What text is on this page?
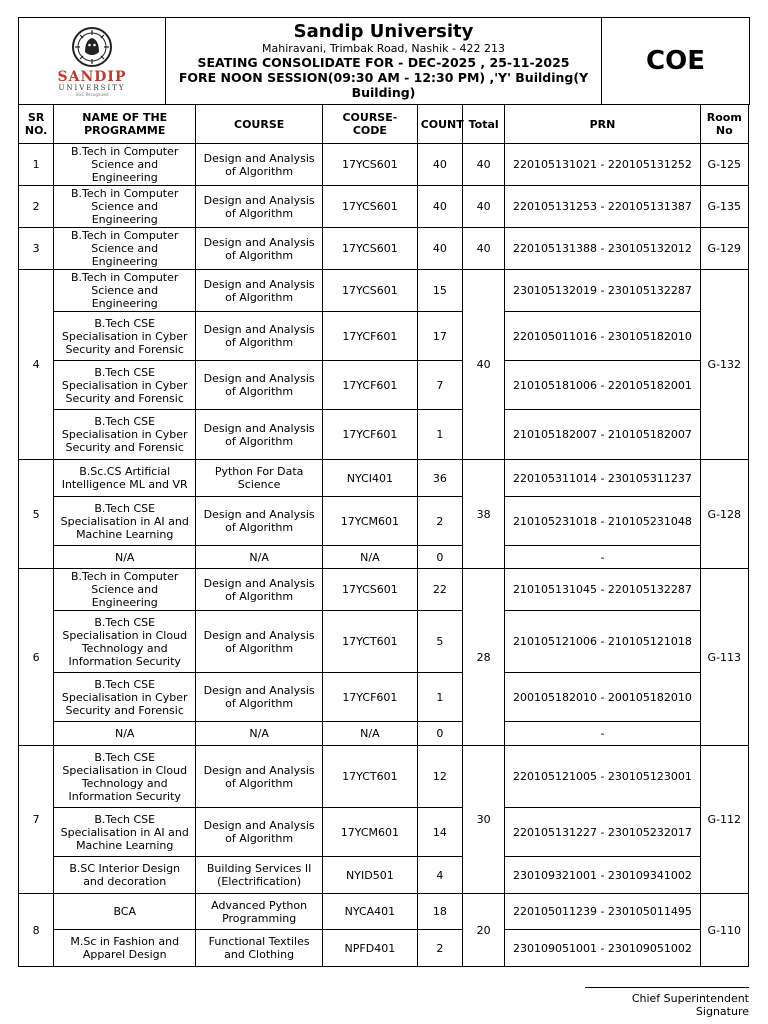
SANDIP
UNIVERSITY
UGC Recognized

Sandip University
Mahiravani, Trimbak Road, Nashik - 422 213
SEATING CONSOLIDATE FOR - DEC-2025 , 25-11-2025
FORE NOON SESSION(09:30 AM - 12:30 PM) ,'Y' Building(Y Building)

COE
SR NO.	NAME OF THE PROGRAMME	COURSE	COURSE-CODE	COUNT	Total	PRN	Room No
1	B.Tech in Computer Science and Engineering	Design and Analysis of Algorithm	17YCS601	40	40	220105131021 - 220105131252	G-125
2	B.Tech in Computer Science and Engineering	Design and Analysis of Algorithm	17YCS601	40	40	220105131253 - 220105131387	G-135
3	B.Tech in Computer Science and Engineering	Design and Analysis of Algorithm	17YCS601	40	40	220105131388 - 230105132012	G-129
4	B.Tech in Computer Science and Engineering	Design and Analysis of Algorithm	17YCS601	15	40	230105132019 - 230105132287	G-132
	B.Tech CSE Specialisation in Cyber Security and Forensic	Design and Analysis of Algorithm	17YCF601	17		220105011016 - 230105182010	
	B.Tech CSE Specialisation in Cyber Security and Forensic	Design and Analysis of Algorithm	17YCF601	7		210105181006 - 220105182001	
	B.Tech CSE Specialisation in Cyber Security and Forensic	Design and Analysis of Algorithm	17YCF601	1		210105182007 - 210105182007	
5	B.Sc.CS Artificial Intelligence ML and VR	Python For Data Science	NYCI401	36	38	220105311014 - 230105311237	G-128
	B.Tech CSE Specialisation in AI and Machine Learning	Design and Analysis of Algorithm	17YCM601	2		210105231018 - 210105231048	
	N/A	N/A	N/A	0		-	
6	B.Tech in Computer Science and Engineering	Design and Analysis of Algorithm	17YCS601	22	28	210105131045 - 220105132287	G-113
	B.Tech CSE Specialisation in Cloud Technology and Information Security	Design and Analysis of Algorithm	17YCT601	5		210105121006 - 210105121018	
	B.Tech CSE Specialisation in Cyber Security and Forensic	Design and Analysis of Algorithm	17YCF601	1		200105182010 - 200105182010	
	N/A	N/A	N/A	0		-	
7	B.Tech CSE Specialisation in Cloud Technology and Information Security	Design and Analysis of Algorithm	17YCT601	12	30	220105121005 - 230105123001	G-112
	B.Tech CSE Specialisation in AI and Machine Learning	Design and Analysis of Algorithm	17YCM601	14		220105131227 - 230105232017	
	B.SC Interior Design and decoration	Building Services II (Electrification)	NYID501	4		230109321001 - 230109341002	
8	BCA	Advanced Python Programming	NYCA401	18	20	220105011239 - 230105011495	G-110
	M.Sc in Fashion and Apparel Design	Functional Textiles and Clothing	NPFD401	2		230109051001 - 230109051002	
Chief Superintendent Signature
